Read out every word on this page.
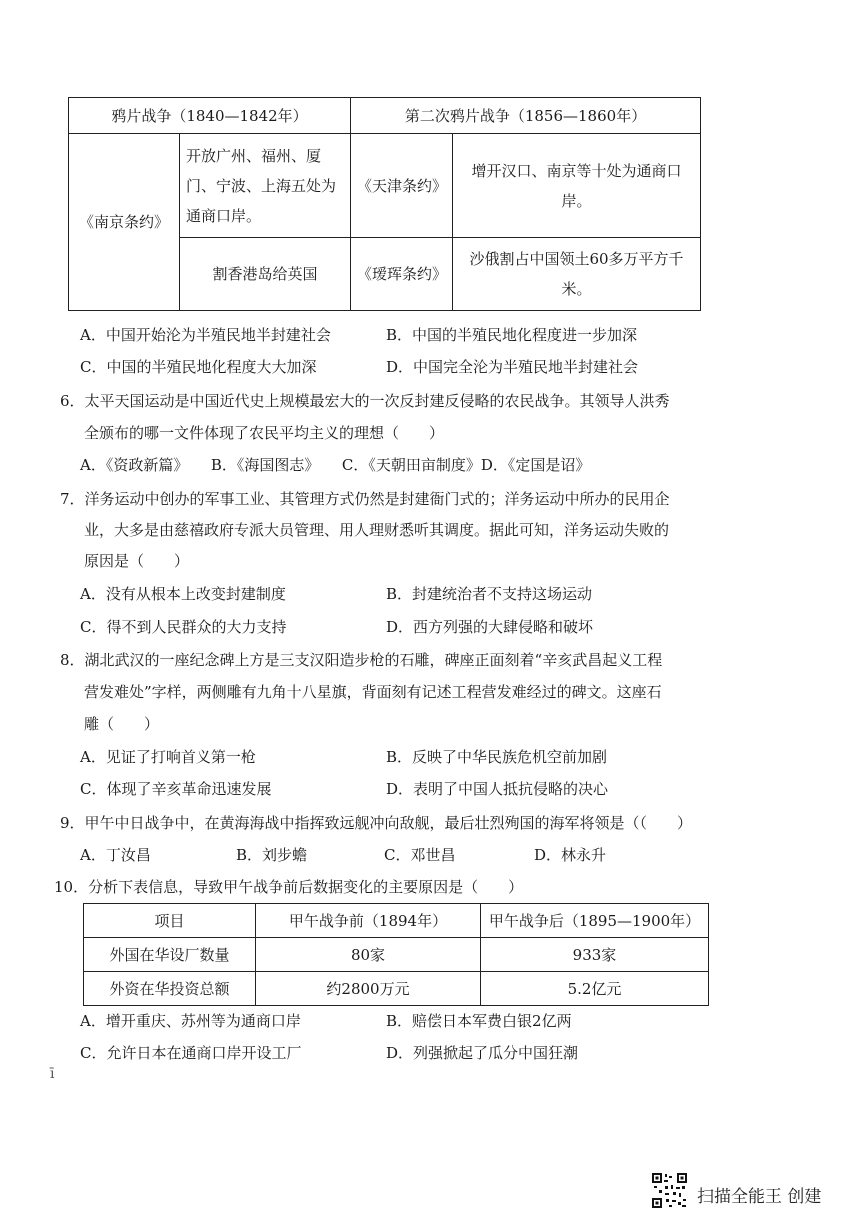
鸦片战争（1840—1842年）		第二次鸦片战争（1856—1860年）	
《南京条约》	开放广州、福州、厦门、宁波、上海五处为通商口岸。	《天津条约》	增开汉口、南京等十处为通商口岸。
	割香港岛给英国	《瑷珲条约》	沙俄割占中国领土60多万平方千米。
A．中国开始沦为半殖民地半封建社会	B．中国的半殖民地化程度进一步加深
C．中国的半殖民地化程度大大加深	D．中国完全沦为半殖民地半封建社会
6．太平天国运动是中国近代史上规模最宏大的一次反封建反侵略的农民战争。其领导人洪秀
全颁布的哪一文件体现了农民平均主义的理想（　　）
A．《资政新篇》　　B．《海国图志》　　C．《天朝田亩制度》D．《定国是诏》
7．洋务运动中创办的军事工业、其管理方式仍然是封建衙门式的；洋务运动中所办的民用企
业，大多是由慈禧政府专派大员管理、用人理财悉听其调度。据此可知，洋务运动失败的
原因是（　　）
A．没有从根本上改变封建制度	B．封建统治者不支持这场运动
C．得不到人民群众的大力支持	D．西方列强的大肆侵略和破坏
8．湖北武汉的一座纪念碑上方是三支汉阳造步枪的石雕，碑座正面刻着“辛亥武昌起义工程
营发难处”字样，两侧雕有九角十八星旗，背面刻有记述工程营发难经过的碑文。这座石
雕（　　）
A．见证了打响首义第一枪	B．反映了中华民族危机空前加剧
C．体现了辛亥革命迅速发展	D．表明了中国人抵抗侵略的决心
9．甲午中日战争中，在黄海海战中指挥致远舰冲向敌舰，最后壮烈殉国的海军将领是（（　　）
A．丁汝昌	B．刘步蟾	C．邓世昌	D．林永升
10．分析下表信息，导致甲午战争前后数据变化的主要原因是（　　）
项目	甲午战争前（1894年）	甲午战争后（1895—1900年）
外国在华设厂数量	80家	933家
外资在华投资总额	约2800万元	5.2亿元
A．增开重庆、苏州等为通商口岸	B．赔偿日本军费白银2亿两
C．允许日本在通商口岸开设工厂	D．列强掀起了瓜分中国狂潮
ī
扫描全能王 创建
